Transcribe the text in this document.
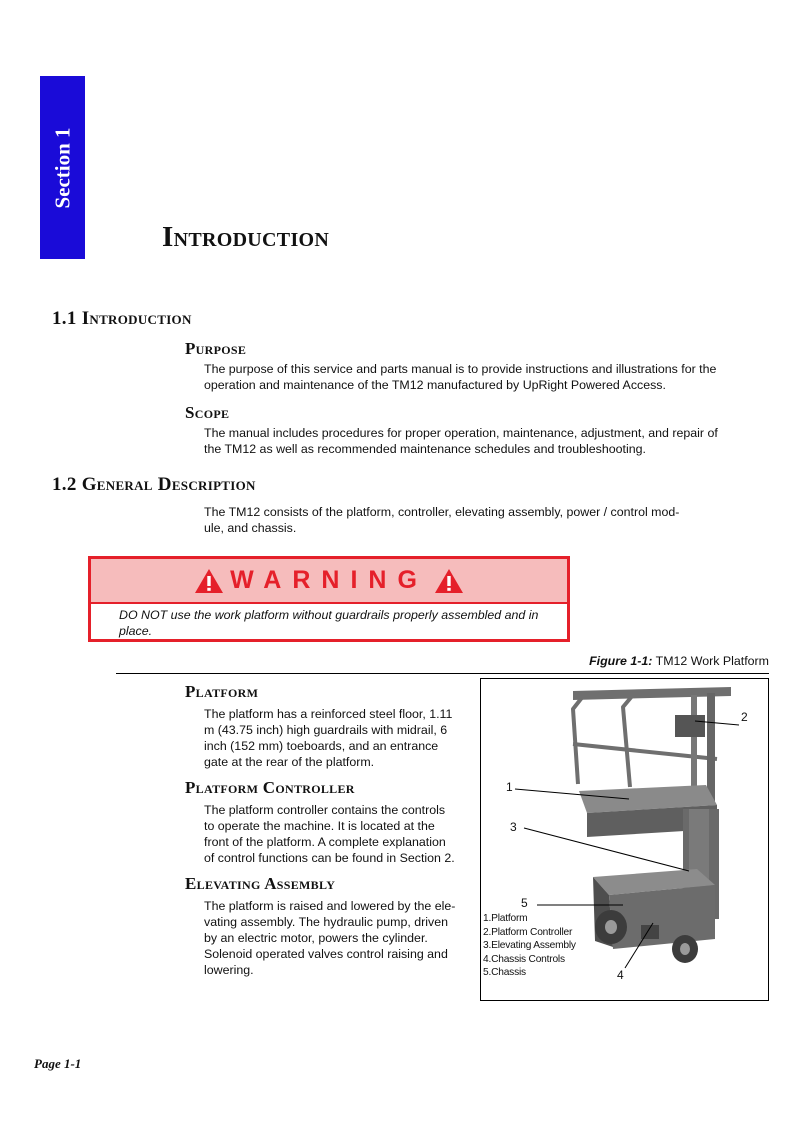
Section 1
Introduction
1.1 Introduction
Purpose
The purpose of this service and parts manual is to provide instructions and illustrations for the
operation and maintenance of the TM12 manufactured by UpRight Powered Access.
Scope
The manual includes procedures for proper operation, maintenance, adjustment, and repair of
the TM12 as well as recommended maintenance schedules and troubleshooting.
1.2 General Description
The TM12 consists of the platform, controller, elevating assembly, power / control mod-
ule, and chassis.
WARNING
DO NOT use the work platform without guardrails properly assembled and in
place.
Figure 1-1: TM12 Work Platform
Platform
The platform has a reinforced steel floor, 1.11
m (43.75 inch) high guardrails with midrail, 6
inch (152 mm) toeboards, and an entrance
gate at the rear of the platform.
Platform Controller
The platform controller contains the controls
to operate the machine. It is located at the
front of the platform. A complete explanation
of control functions can be found in Section 2.
Elevating Assembly
The platform is raised and lowered by the ele-
vating assembly. The hydraulic pump, driven
by an electric motor, powers the cylinder.
Solenoid operated valves control raising and
lowering.
1
2
3
4
5
1.Platform
2.Platform Controller
3.Elevating Assembly
4.Chassis Controls
5.Chassis
Page 1-1
